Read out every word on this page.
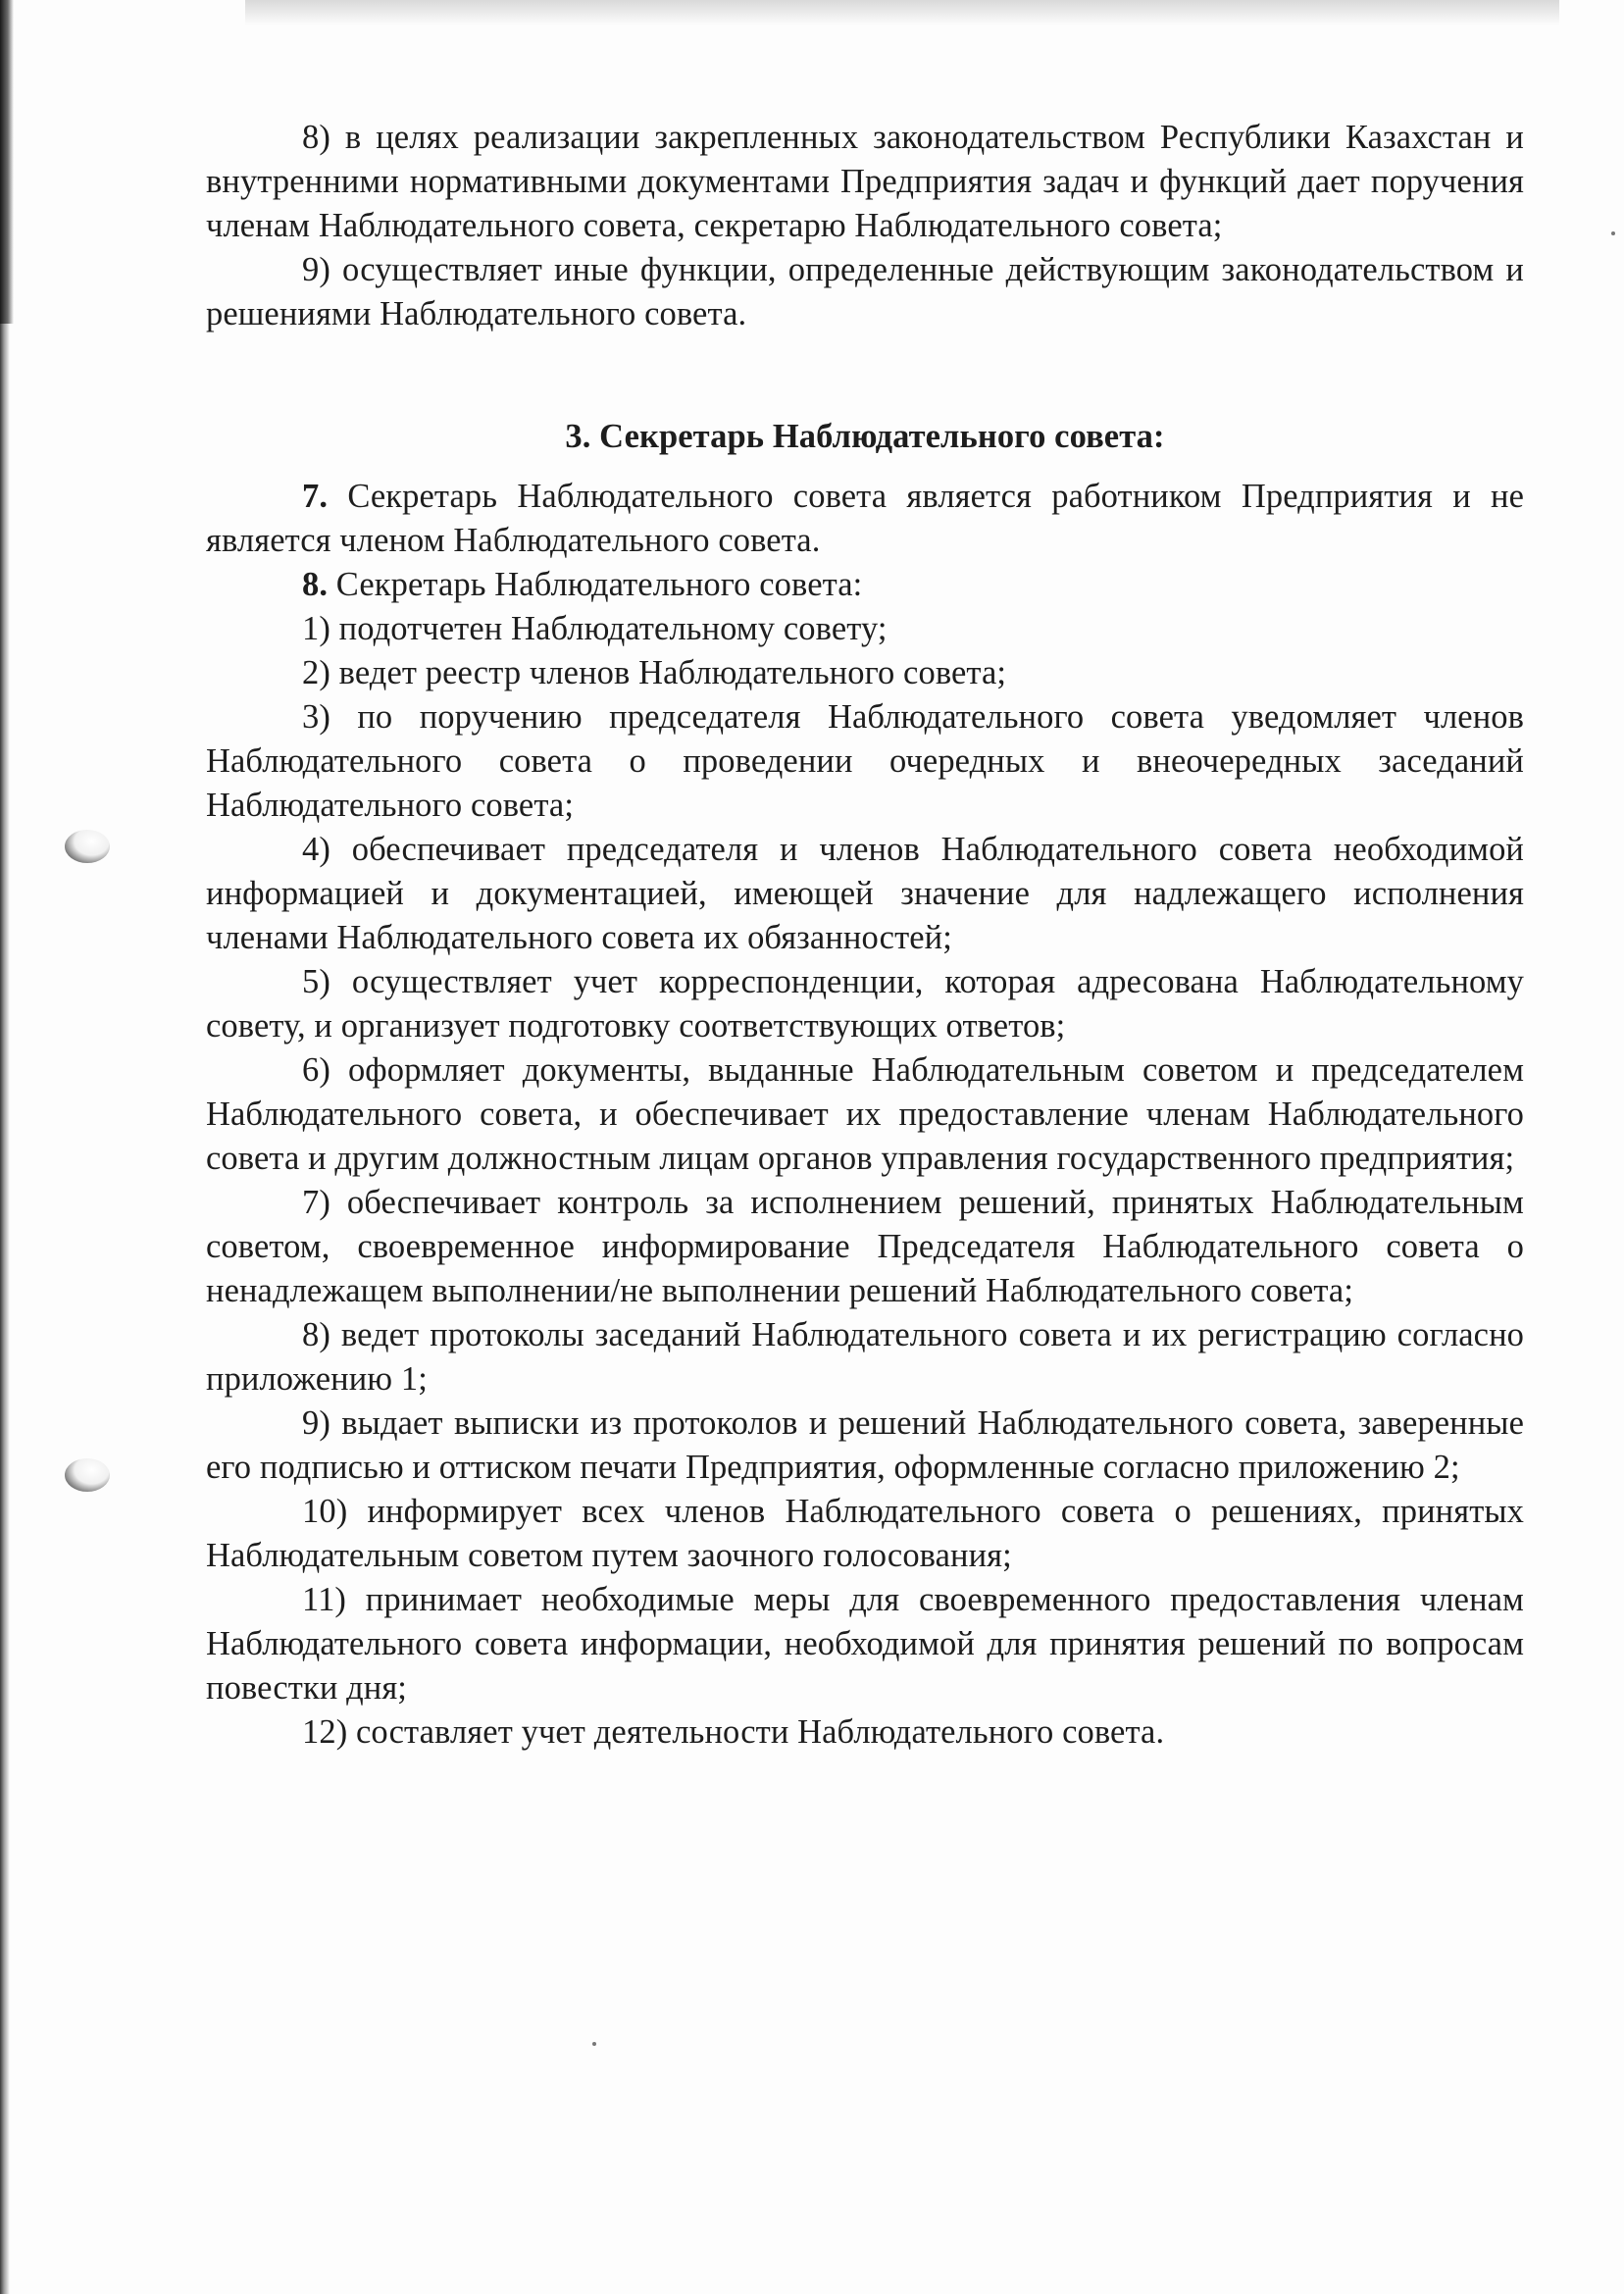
8) в целях реализации закрепленных законодательством Республики Казахстан и внутренними нормативными документами Предприятия задач и функций дает поручения членам Наблюдательного совета, секретарю Наблюдательного совета;

9) осуществляет иные функции, определенные действующим законодательством и решениями Наблюдательного совета.

3. Секретарь Наблюдательного совета:

7. Секретарь Наблюдательного совета является работником Предприятия и не является членом Наблюдательного совета.

8. Секретарь Наблюдательного совета:

1) подотчетен Наблюдательному совету;

2) ведет реестр членов Наблюдательного совета;

3) по поручению председателя Наблюдательного совета уведомляет членов Наблюдательного совета о проведении очередных и внеочередных заседаний Наблюдательного совета;

4) обеспечивает председателя и членов Наблюдательного совета необходимой информацией и документацией, имеющей значение для надлежащего исполнения членами Наблюдательного совета их обязанностей;

5) осуществляет учет корреспонденции, которая адресована Наблюдательному совету, и организует подготовку соответствующих ответов;

6) оформляет документы, выданные Наблюдательным советом и председателем Наблюдательного совета, и обеспечивает их предоставление членам Наблюдательного совета и другим должностным лицам органов управления государственного предприятия;

7) обеспечивает контроль за исполнением решений, принятых Наблюдательным советом, своевременное информирование Председателя Наблюдательного совета о ненадлежащем выполнении/не выполнении решений Наблюдательного совета;

8) ведет протоколы заседаний Наблюдательного совета и их регистрацию согласно приложению 1;

9) выдает выписки из протоколов и решений Наблюдательного совета, заверенные его подписью и оттиском печати Предприятия, оформленные согласно приложению 2;

10) информирует всех членов Наблюдательного совета о решениях, принятых Наблюдательным советом путем заочного голосования;

11) принимает необходимые меры для своевременного предоставления членам Наблюдательного совета информации, необходимой для принятия решений по вопросам повестки дня;

12) составляет учет деятельности Наблюдательного совета.
